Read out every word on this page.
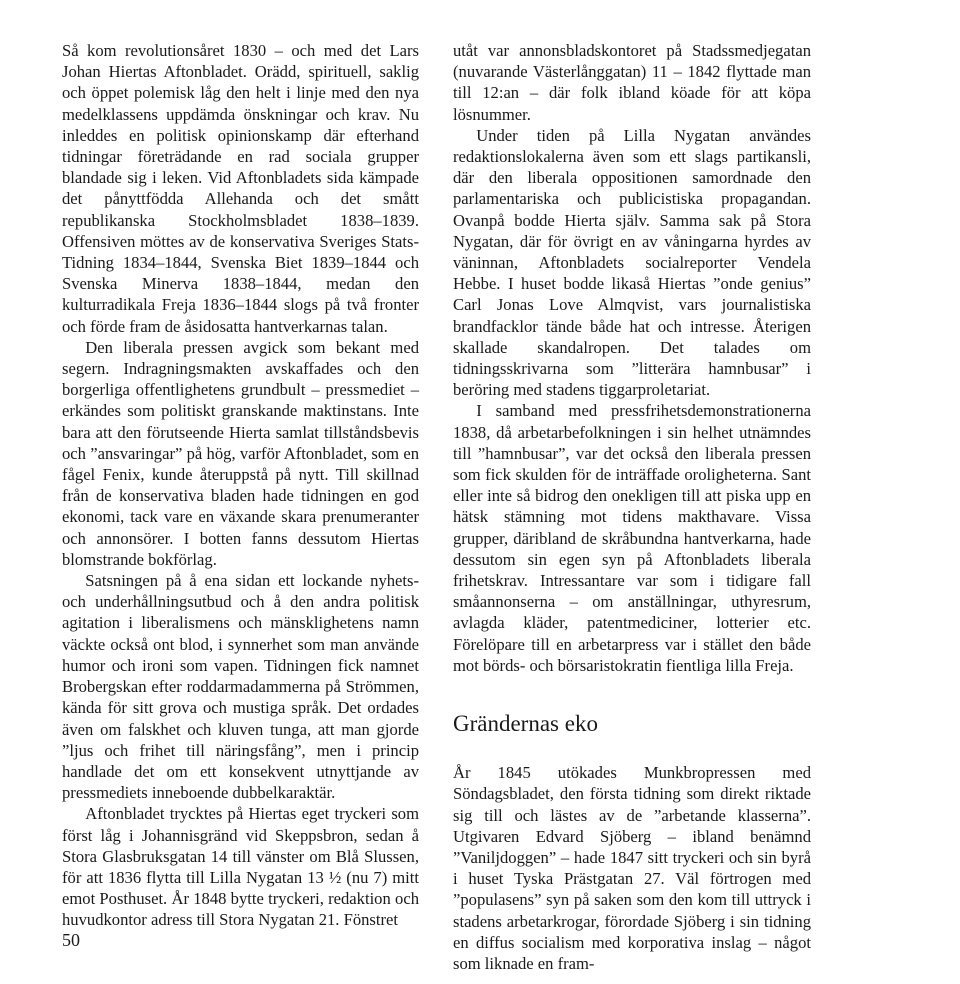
Så kom revolutionsåret 1830 – och med det Lars Johan Hiertas Aftonbladet. Orädd, spirituell, saklig och öppet polemisk låg den helt i linje med den nya medelklassens uppdämda önskningar och krav. Nu inleddes en politisk opinionskamp där efterhand tidningar företrädande en rad sociala grupper blandade sig i leken. Vid Aftonbladets sida kämpade det pånyttfödda Allehanda och det smått republikanska Stockholmsbladet 1838–1839. Offensiven möttes av de konservativa Sveriges Stats-Tidning 1834–1844, Svenska Biet 1839–1844 och Svenska Minerva 1838–1844, medan den kulturradikala Freja 1836–1844 slogs på två fronter och förde fram de åsidosatta hantverkarnas talan.

Den liberala pressen avgick som bekant med segern. Indragningsmakten avskaffades och den borgerliga offentlighetens grundbult – pressmediet – erkändes som politiskt granskande maktinstans. Inte bara att den förutseende Hierta samlat tillståndsbevis och ”ansvaringar” på hög, varför Aftonbladet, som en fågel Fenix, kunde återuppstå på nytt. Till skillnad från de konservativa bladen hade tidningen en god ekonomi, tack vare en växande skara prenumeranter och annonsörer. I botten fanns dessutom Hiertas blomstrande bokförlag.

Satsningen på å ena sidan ett lockande nyhets- och underhållningsutbud och å den andra politisk agitation i liberalismens och mänsklighetens namn väckte också ont blod, i synnerhet som man använde humor och ironi som vapen. Tidningen fick namnet Brobergskan efter roddarmadammerna på Strömmen, kända för sitt grova och mustiga språk. Det ordades även om falskhet och kluven tunga, att man gjorde ”ljus och frihet till näringsfång”, men i princip handlade det om ett konsekvent utnyttjande av pressmediets inneboende dubbelkaraktär.

Aftonbladet trycktes på Hiertas eget tryckeri som först låg i Johannisgränd vid Skeppsbron, sedan å Stora Glasbruksgatan 14 till vänster om Blå Slussen, för att 1836 flytta till Lilla Nygatan 13 ½ (nu 7) mitt emot Posthuset. År 1848 bytte tryckeri, redaktion och huvudkontor adress till Stora Nygatan 21. Fönstret

utåt var annonsbladskontoret på Stadssmedjegatan (nuvarande Västerlånggatan) 11 – 1842 flyttade man till 12:an – där folk ibland köade för att köpa lösnummer.

Under tiden på Lilla Nygatan användes redaktionslokalerna även som ett slags partikansli, där den liberala oppositionen samordnade den parlamentariska och publicistiska propagandan. Ovanpå bodde Hierta själv. Samma sak på Stora Nygatan, där för övrigt en av våningarna hyrdes av väninnan, Aftonbladets socialreporter Vendela Hebbe. I huset bodde likaså Hiertas ”onde genius” Carl Jonas Love Almqvist, vars journalistiska brandfacklor tände både hat och intresse. Återigen skallade skandalropen. Det talades om tidningsskrivarna som ”litterära hamnbusar” i beröring med stadens tiggarproletariat.

I samband med pressfrihetsdemonstrationerna 1838, då arbetarbefolkningen i sin helhet utnämndes till ”hamnbusar”, var det också den liberala pressen som fick skulden för de inträffade oroligheterna. Sant eller inte så bidrog den onekligen till att piska upp en hätsk stämning mot tidens makthavare. Vissa grupper, däribland de skråbundna hantverkarna, hade dessutom sin egen syn på Aftonbladets liberala frihetskrav. Intressantare var som i tidigare fall småannonserna – om anställningar, uthyresrum, avlagda kläder, patentmediciner, lotterier etc. Förelöpare till en arbetarpress var i stället den både mot börds- och börsaristokratin fientliga lilla Freja.

Grändernas eko

År 1845 utökades Munkbropressen med Söndagsbladet, den första tidning som direkt riktade sig till och lästes av de ”arbetande klasserna”. Utgivaren Edvard Sjöberg – ibland benämnd ”Vaniljdoggen” – hade 1847 sitt tryckeri och sin byrå i huset Tyska Prästgatan 27. Väl förtrogen med ”populasens” syn på saken som den kom till uttryck i stadens arbetarkrogar, förordade Sjöberg i sin tidning en diffus socialism med korporativa inslag – något som liknade en fram-

50
